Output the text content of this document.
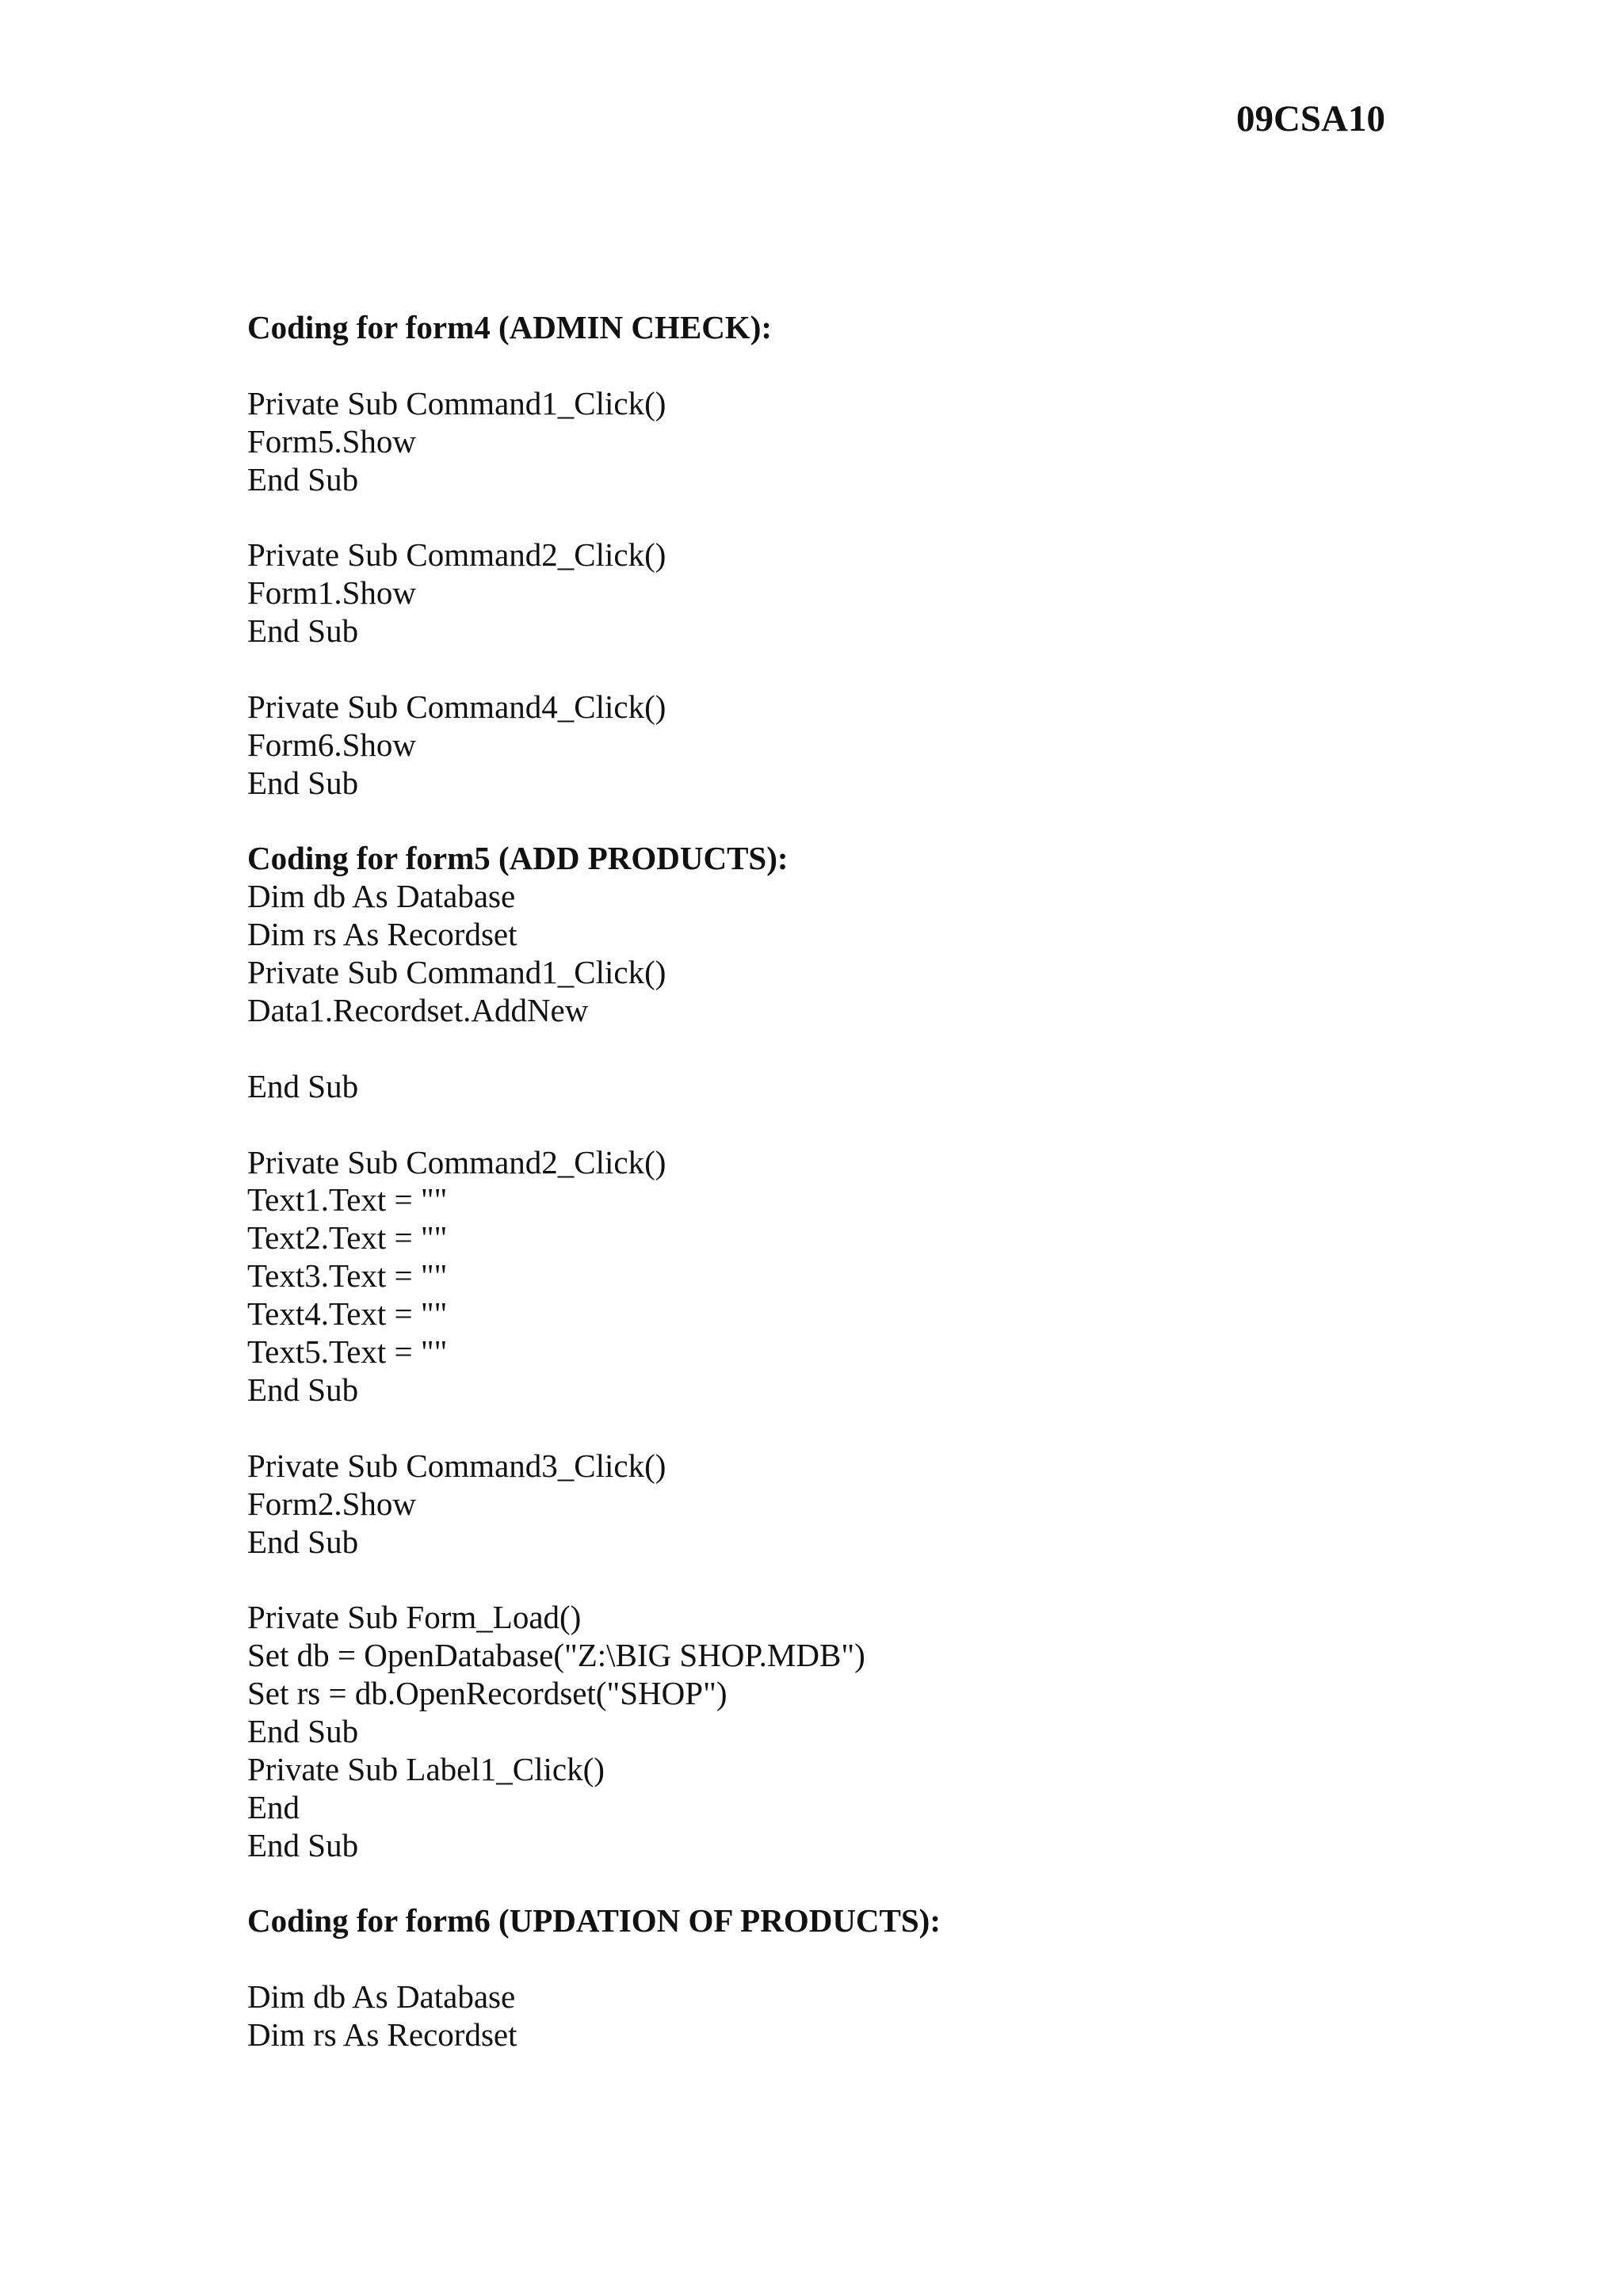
09CSA10
Coding for form4 (ADMIN CHECK):
Private Sub Command1_Click()
Form5.Show
End Sub
Private Sub Command2_Click()
Form1.Show
End Sub
Private Sub Command4_Click()
Form6.Show
End Sub
Coding for form5 (ADD PRODUCTS):
Dim db As Database
Dim rs As Recordset
Private Sub Command1_Click()
Data1.Recordset.AddNew
End Sub
Private Sub Command2_Click()
Text1.Text = ""
Text2.Text = ""
Text3.Text = ""
Text4.Text = ""
Text5.Text = ""
End Sub
Private Sub Command3_Click()
Form2.Show
End Sub
Private Sub Form_Load()
Set db = OpenDatabase("Z:\BIG SHOP.MDB")
Set rs = db.OpenRecordset("SHOP")
End Sub
Private Sub Label1_Click()
End
End Sub
Coding for form6 (UPDATION OF PRODUCTS):
Dim db As Database
Dim rs As Recordset
